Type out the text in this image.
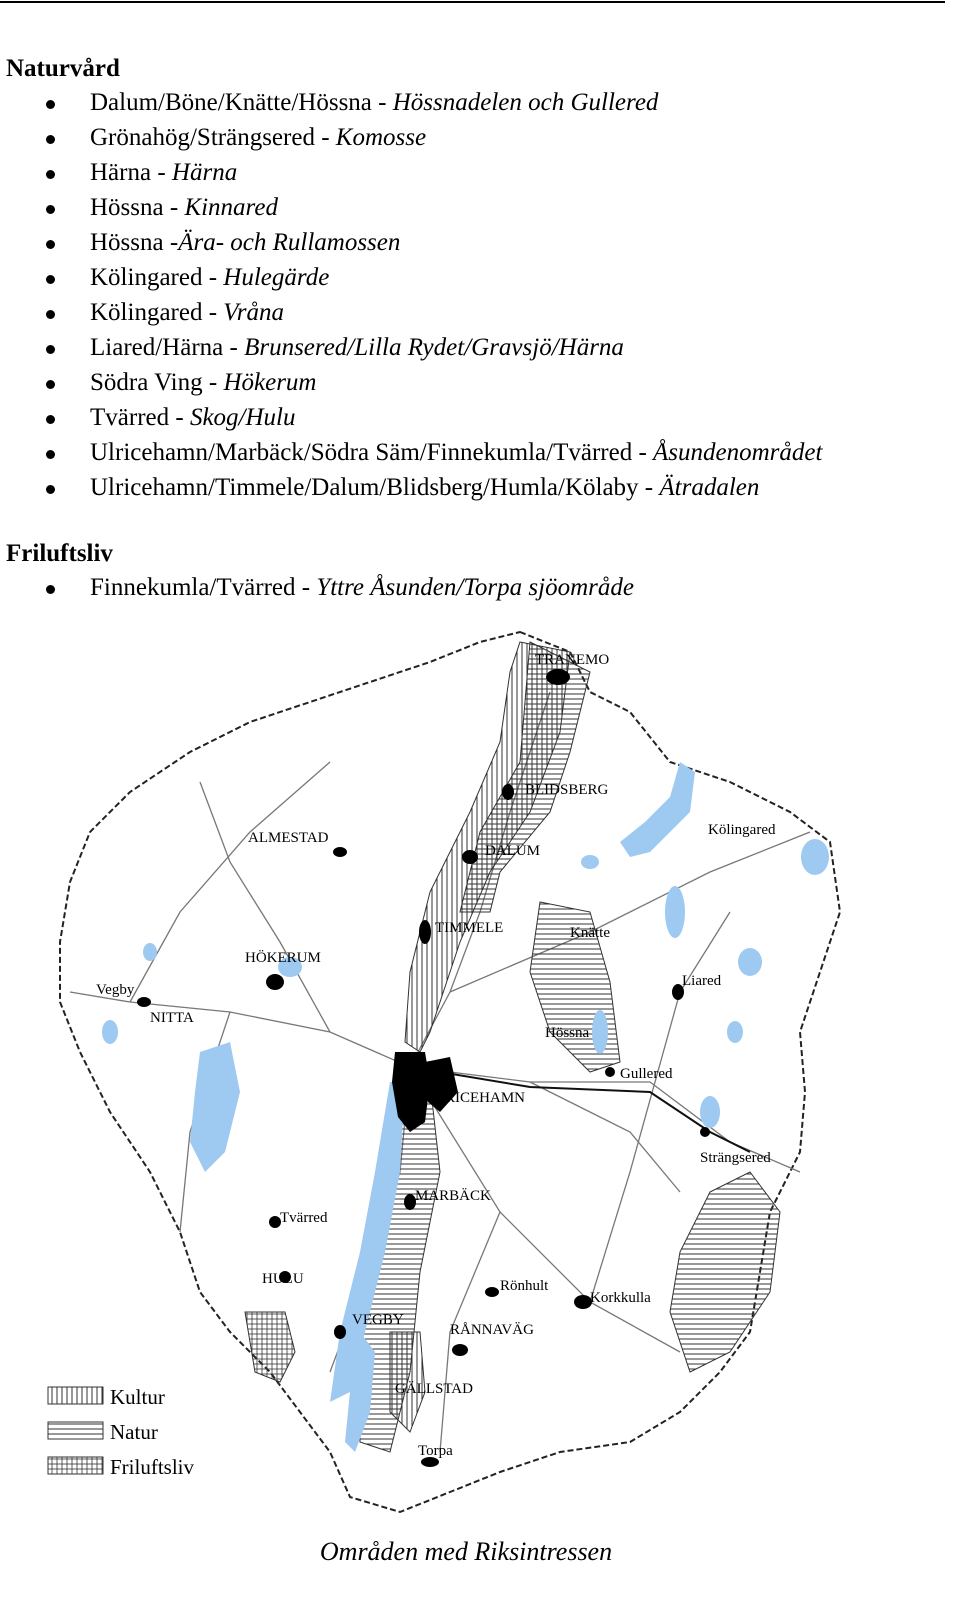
Naturvård
Dalum/Böne/Knätte/Hössna - Hössnadelen och Gullered
Grönahög/Strängsered - Komosse
Härna - Härna
Hössna - Kinnared
Hössna -Ära- och Rullamossen
Kölingared - Hulegärde
Kölingared - Vråna
Liared/Härna - Brunsered/Lilla Rydet/Gravsjö/Härna
Södra Ving - Hökerum
Tvärred - Skog/Hulu
Ulricehamn/Marbäck/Södra Säm/Finnekumla/Tvärred - Åsundenområdet
Ulricehamn/Timmele/Dalum/Blidsberg/Humla/Kölaby - Ätradalen
Friluftsliv
Finnekumla/Tvärred - Yttre Åsunden/Torpa sjöområde
TRANEMO
BLIDSBERG
ALMESTAD
DALUM
Kölingared
TIMMELE	Knätte
HÖKERUM
Liared
Vegby
NITTA
Hössna
ULRICEHAMN
Gullered
Strängsered
MARBÄCK
Tvärred
HULU	Rönhult
Korkkulla
VEGBY
RÅNNAVÄG
GÄLLSTAD
Torpa
Kultur
Natur
Friluftsliv
Områden med Riksintressen
